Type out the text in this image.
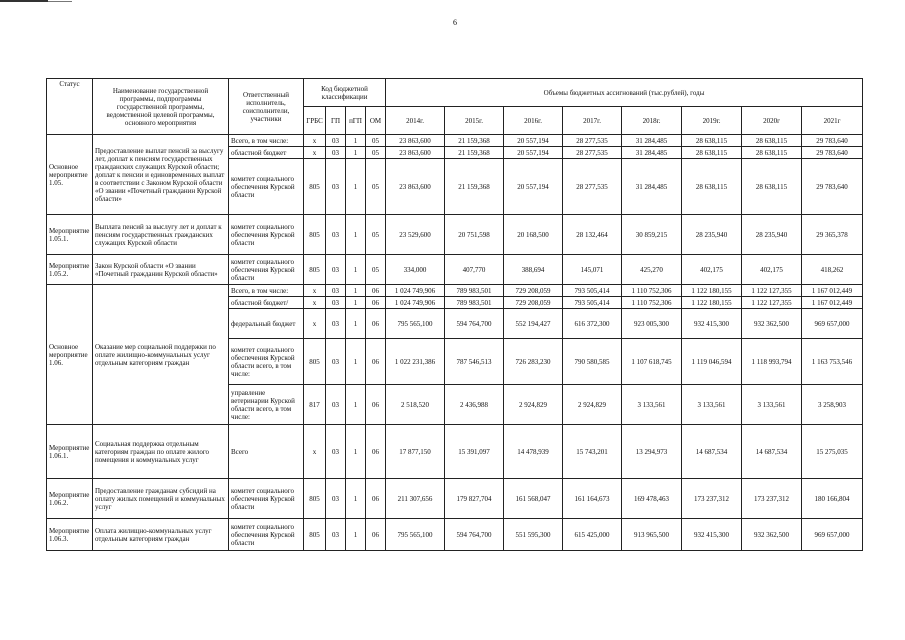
6
Статус	Наименование государственной программы, подпрограммы государственной программы, ведомственной целевой программы, основного мероприятия	Ответственный исполнитель, соисполнители, участники	Код бюджетной классификации				Объемы бюджетных ассигнований (тыс.рублей), годы							
			ГРБС	ГП	пГП	ОМ	2014г.	2015г.	2016г.	2017г.	2018г.	2019г.	2020г	2021г
Основное мероприятие 1.05.	Предоставление выплат пенсий за выслугу лет, доплат к пенсиям государственных гражданских служащих Курской области; доплат к пенсии и единовременных выплат в соответствии с Законом Курской области «О звании «Почетный гражданин Курской области»	Всего, в том числе:	x	03	1	05	23 863,600	21 159,368	20 557,194	28 277,535	31 284,485	28 638,115	28 638,115	29 783,640
		областной бюджет	x	03	1	05	23 863,600	21 159,368	20 557,194	28 277,535	31 284,485	28 638,115	28 638,115	29 783,640
		комитет социального обеспечения Курской области	805	03	1	05	23 863,600	21 159,368	20 557,194	28 277,535	31 284,485	28 638,115	28 638,115	29 783,640
Мероприятие 1.05.1.	Выплата пенсий за выслугу лет и доплат к пенсиям государственных гражданских служащих Курской области	комитет социального обеспечения Курской области	805	03	1	05	23 529,600	20 751,598	20 168,500	28 132,464	30 859,215	28 235,940	28 235,940	29 365,378
Мероприятие 1.05.2.	Закон Курской области «О звании «Почетный гражданин Курской области»	комитет социального обеспечения Курской области	805	03	1	05	334,000	407,770	388,694	145,071	425,270	402,175	402,175	418,262
Основное мероприятие 1.06.	Оказание мер социальной поддержки по оплате жилищно-коммунальных услуг отдельным категориям граждан	Всего, в том числе:	x	03	1	06	1 024 749,906	789 983,501	729 208,059	793 505,414	1 110 752,306	1 122 180,155	1 122 127,355	1 167 012,449
		областной бюджет/	x	03	1	06	1 024 749,906	789 983,501	729 208,059	793 505,414	1 110 752,306	1 122 180,155	1 122 127,355	1 167 012,449
		федеральный бюджет	x	03	1	06	795 565,100	594 764,700	552 194,427	616 372,300	923 005,300	932 415,300	932 362,500	969 657,000
		комитет социального обеспечения Курской области всего, в том числе:	805	03	1	06	1 022 231,386	787 546,513	726 283,230	790 580,585	1 107 618,745	1 119 046,594	1 118 993,794	1 163 753,546
		управление ветеринарии Курской области всего, в том числе:	817	03	1	06	2 518,520	2 436,988	2 924,829	2 924,829	3 133,561	3 133,561	3 133,561	3 258,903
Мероприятие 1.06.1.	Социальная поддержка отдельным категориям граждан по оплате жилого помещения и коммунальных услуг	Всего	x	03	1	06	17 877,150	15 391,097	14 478,939	15 743,201	13 294,973	14 687,534	14 687,534	15 275,035
Мероприятие 1.06.2.	Предоставление гражданам субсидий на оплату жилых помещений и коммунальных услуг	комитет социального обеспечения Курской области	805	03	1	06	211 307,656	179 827,704	161 568,047	161 164,673	169 478,463	173 237,312	173 237,312	180 166,804
Мероприятие 1.06.3.	Оплата жилищно-коммунальных услуг отдельным категориям граждан	комитет социального обеспечения Курской области	805	03	1	06	795 565,100	594 764,700	551 595,300	615 425,000	913 965,500	932 415,300	932 362,500	969 657,000
